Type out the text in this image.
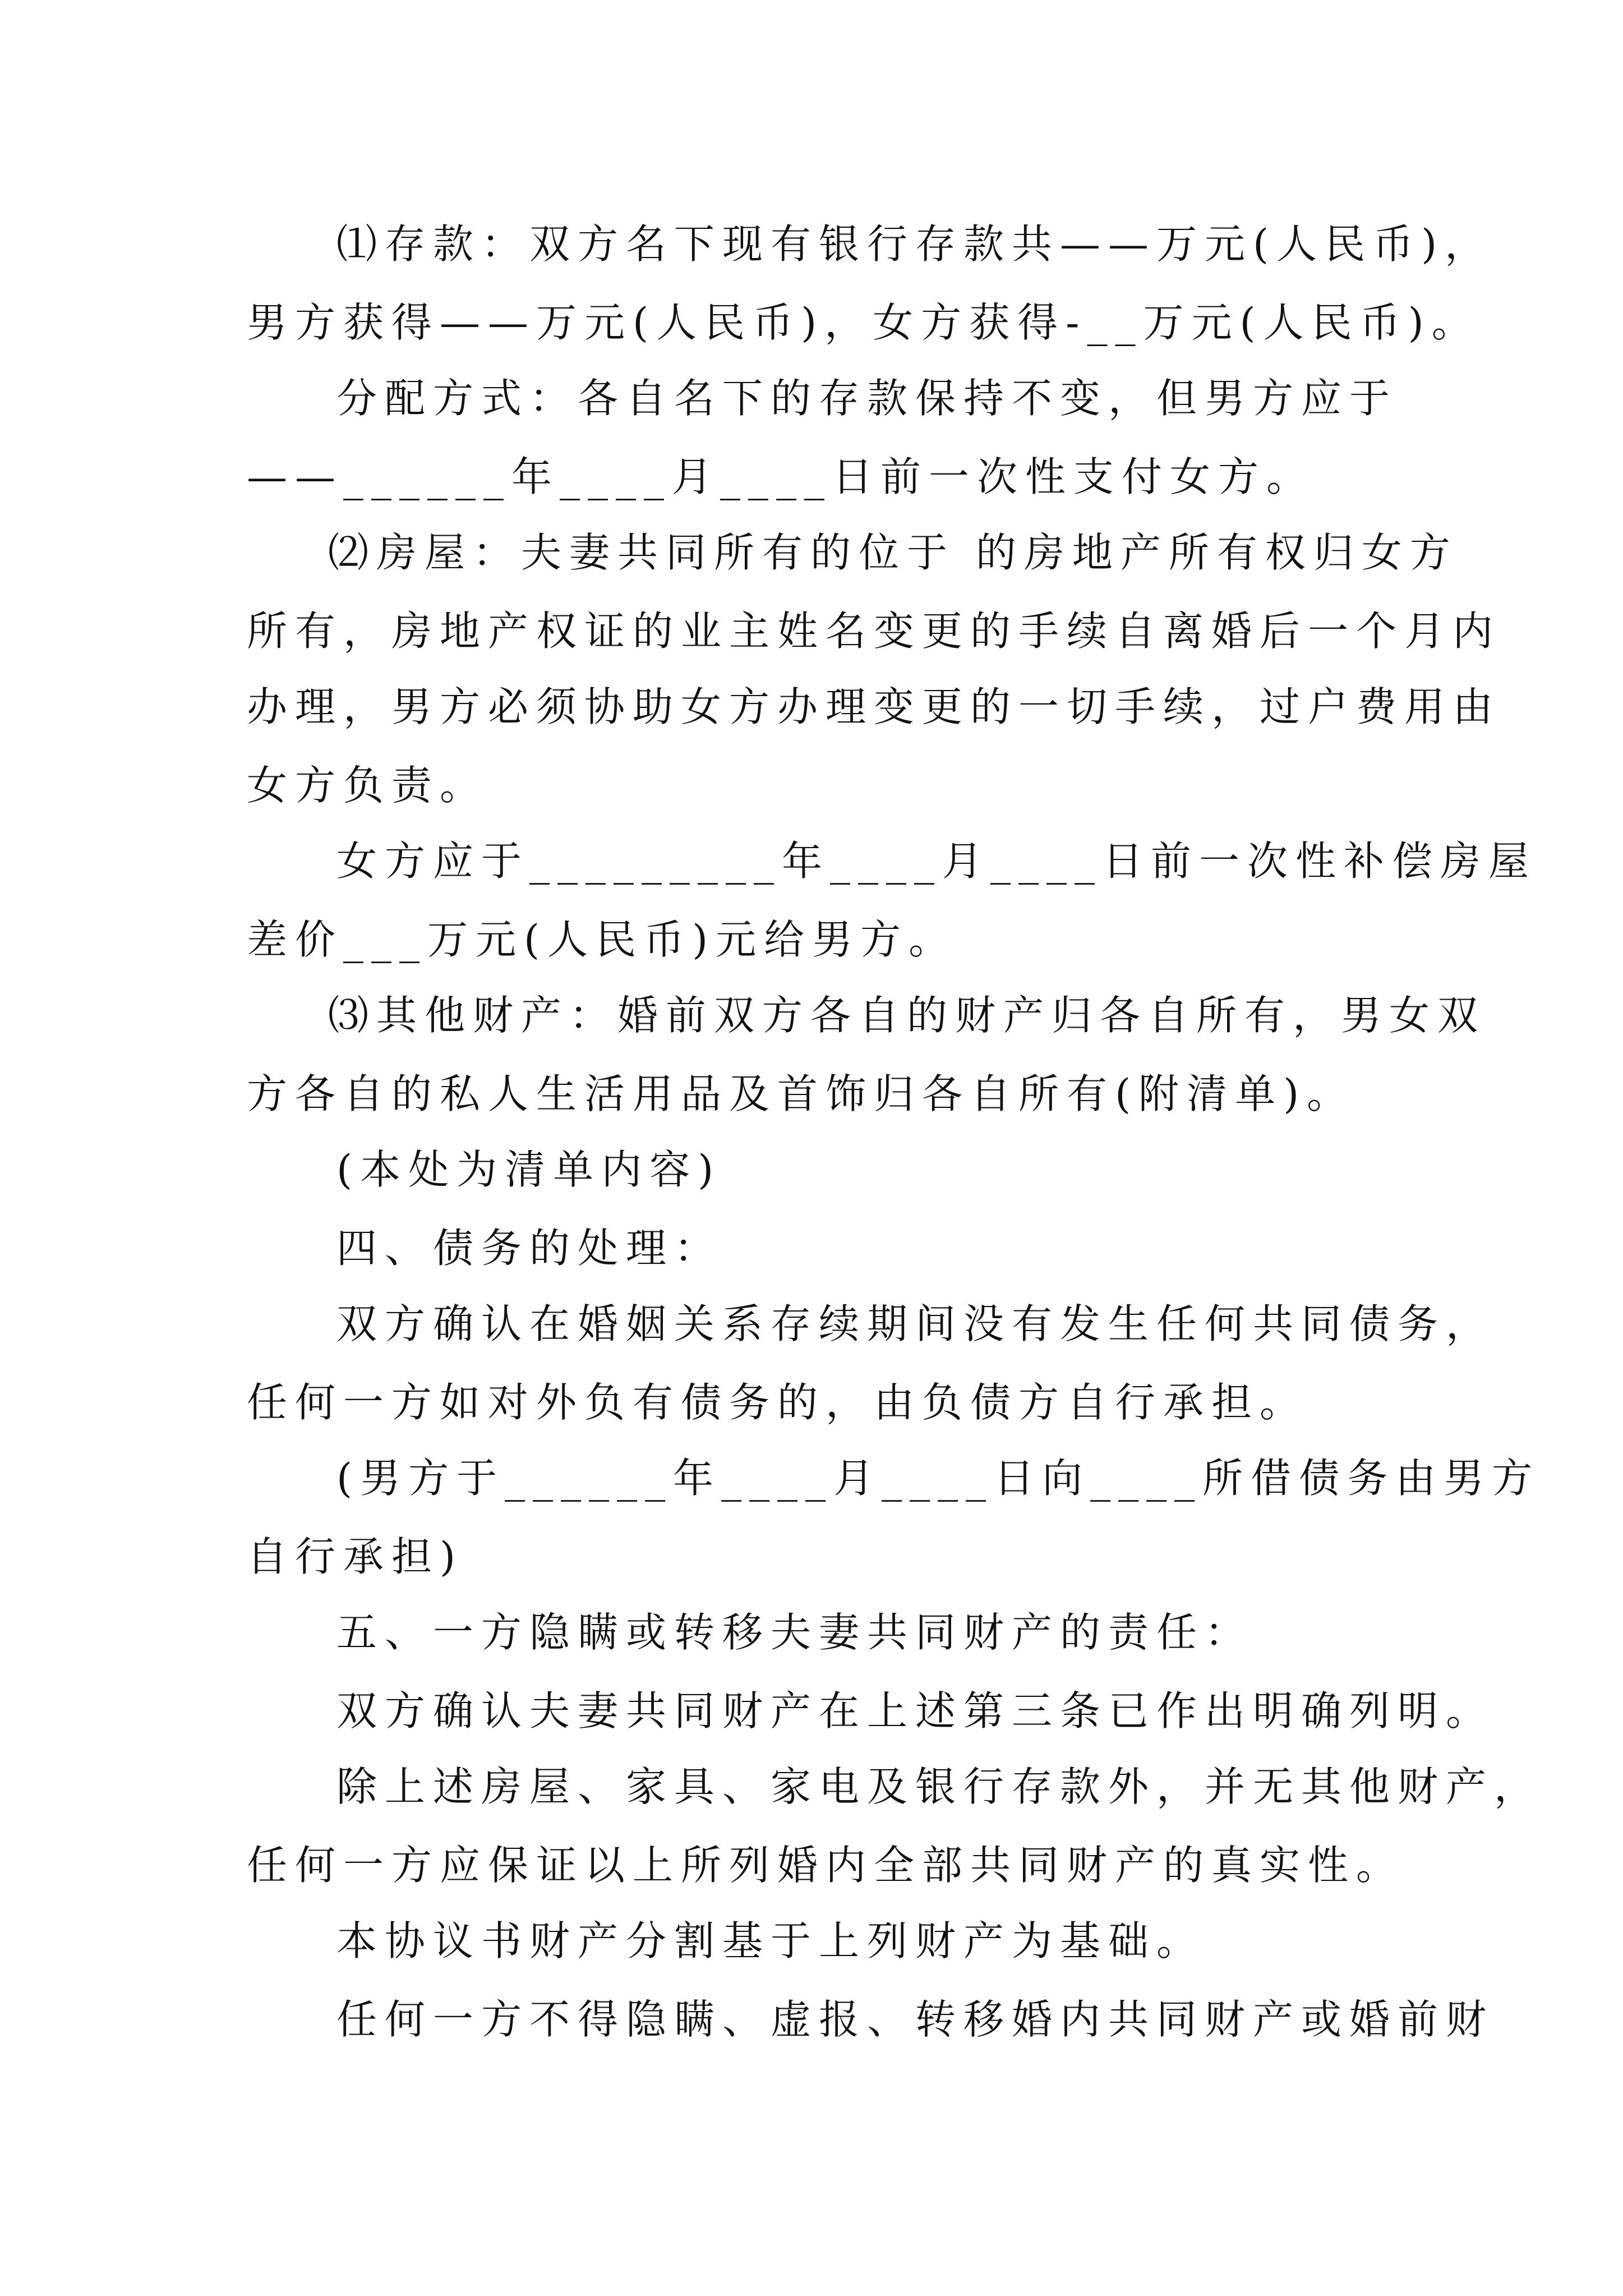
⑴存款：双方名下现有银行存款共——万元(人民币)，
男方获得——万元(人民币)，女方获得-__万元(人民币)。
分配方式：各自名下的存款保持不变，但男方应于
——______年____月____日前一次性支付女方。
⑵房屋：夫妻共同所有的位于 的房地产所有权归女方
所有，房地产权证的业主姓名变更的手续自离婚后一个月内
办理，男方必须协助女方办理变更的一切手续，过户费用由
女方负责。
女方应于_________年____月____日前一次性补偿房屋
差价___万元(人民币)元给男方。
⑶其他财产：婚前双方各自的财产归各自所有，男女双
方各自的私人生活用品及首饰归各自所有(附清单)。
(本处为清单内容)
四、债务的处理：
双方确认在婚姻关系存续期间没有发生任何共同债务，
任何一方如对外负有债务的，由负债方自行承担。
(男方于______年____月____日向____所借债务由男方
自行承担)
五、一方隐瞒或转移夫妻共同财产的责任：
双方确认夫妻共同财产在上述第三条已作出明确列明。
除上述房屋、家具、家电及银行存款外，并无其他财产，
任何一方应保证以上所列婚内全部共同财产的真实性。
本协议书财产分割基于上列财产为基础。
任何一方不得隐瞒、虚报、转移婚内共同财产或婚前财
